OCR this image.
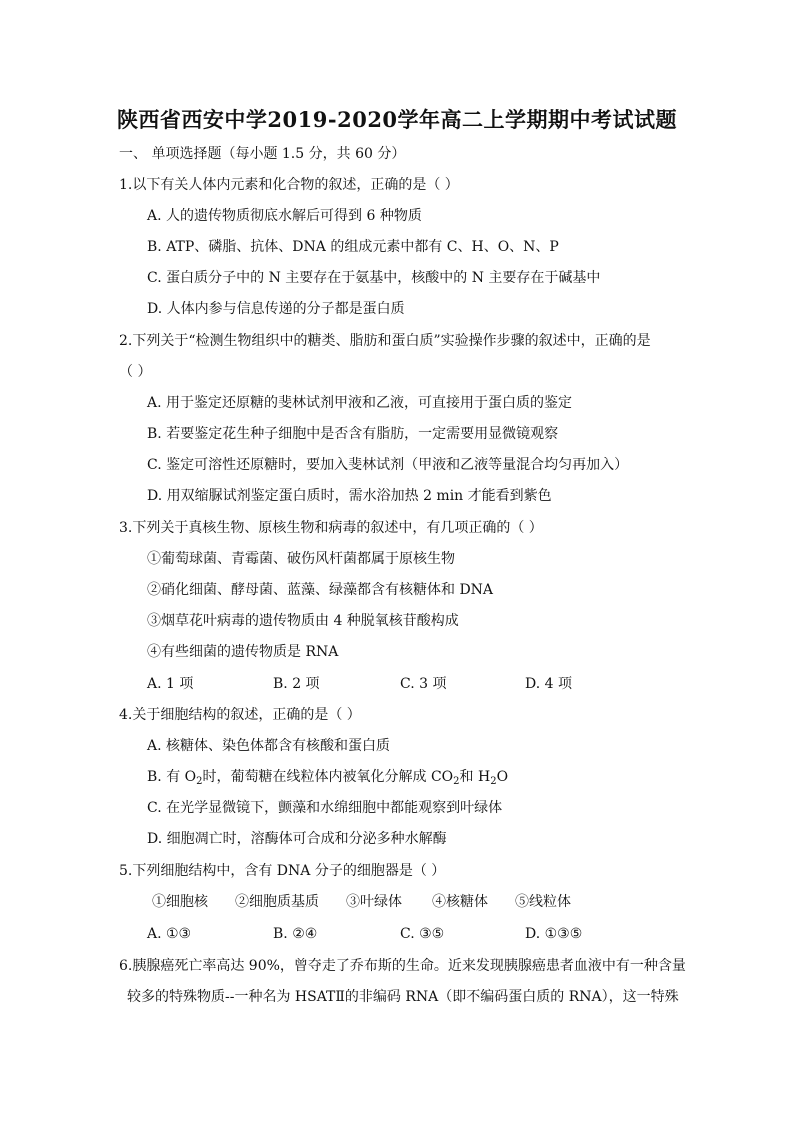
陕西省西安中学2019-2020学年高二上学期期中考试试题
一、 单项选择题（每小题 1.5 分，共 60 分）
1.以下有关人体内元素和化合物的叙述，正确的是（ ）
A. 人的遗传物质彻底水解后可得到 6 种物质
B. ATP、磷脂、抗体、DNA 的组成元素中都有 C、H、O、N、P
C. 蛋白质分子中的 N 主要存在于氨基中，核酸中的 N 主要存在于碱基中
D. 人体内参与信息传递的分子都是蛋白质
2.下列关于“检测生物组织中的糖类、脂肪和蛋白质”实验操作步骤的叙述中，正确的是
（ ）
A. 用于鉴定还原糖的斐林试剂甲液和乙液，可直接用于蛋白质的鉴定
B. 若要鉴定花生种子细胞中是否含有脂肪，一定需要用显微镜观察
C. 鉴定可溶性还原糖时，要加入斐林试剂（甲液和乙液等量混合均匀再加入）
D. 用双缩脲试剂鉴定蛋白质时，需水浴加热 2 min 才能看到紫色
3.下列关于真核生物、原核生物和病毒的叙述中，有几项正确的（ ）
①葡萄球菌、青霉菌、破伤风杆菌都属于原核生物
②硝化细菌、酵母菌、蓝藻、绿藻都含有核糖体和 DNA
③烟草花叶病毒的遗传物质由 4 种脱氧核苷酸构成
④有些细菌的遗传物质是 RNA
A. 1 项	B. 2 项	C. 3 项	D. 4 项
4.关于细胞结构的叙述，正确的是（ ）
A. 核糖体、染色体都含有核酸和蛋白质
B. 有 $O_2$时，葡萄糖在线粒体内被氧化分解成 $CO_2$和 $H_2O$
C. 在光学显微镜下，颤藻和水绵细胞中都能观察到叶绿体
D. 细胞凋亡时，溶酶体可合成和分泌多种水解酶
5.下列细胞结构中，含有 DNA 分子的细胞器是（ ）
①细胞核 ②细胞质基质 ③叶绿体 ④核糖体 ⑤线粒体
A. ①③	B. ②④	C. ③⑤	D. ①③⑤
6.胰腺癌死亡率高达 90%，曾夺走了乔布斯的生命。近来发现胰腺癌患者血液中有一种含量
较多的特殊物质--一种名为 HSATⅡ的非编码 RNA（即不编码蛋白质的 RNA），这一特殊
